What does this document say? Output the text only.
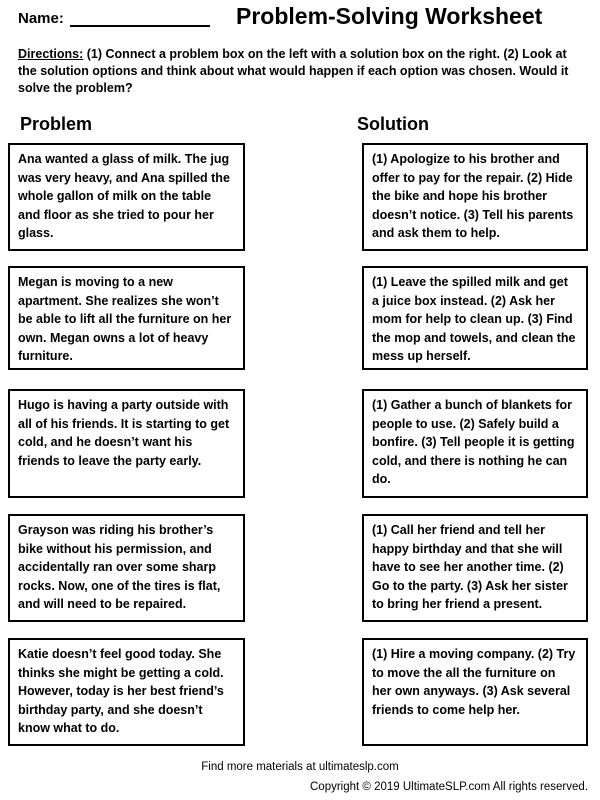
Name:	Problem-Solving Worksheet
Directions: (1) Connect a problem box on the left with a solution box on the right. (2) Look at the solution options and think about what would happen if each option was chosen. Would it solve the problem?
Problem	Solution
Ana wanted a glass of milk. The jug was very heavy, and Ana spilled the whole gallon of milk on the table and floor as she tried to pour her glass.
Megan is moving to a new apartment. She realizes she won’t be able to lift all the furniture on her own. Megan owns a lot of heavy furniture.
Hugo is having a party outside with all of his friends. It is starting to get cold, and he doesn’t want his friends to leave the party early.
Grayson was riding his brother’s bike without his permission, and accidentally ran over some sharp rocks. Now, one of the tires is flat, and will need to be repaired.
Katie doesn’t feel good today. She thinks she might be getting a cold. However, today is her best friend’s birthday party, and she doesn’t know what to do.
(1) Apologize to his brother and offer to pay for the repair. (2) Hide the bike and hope his brother doesn’t notice. (3) Tell his parents and ask them to help.
(1) Leave the spilled milk and get a juice box instead. (2) Ask her mom for help to clean up. (3) Find the mop and towels, and clean the mess up herself.
(1) Gather a bunch of blankets for people to use. (2) Safely build a bonfire. (3) Tell people it is getting cold, and there is nothing he can do.
(1) Call her friend and tell her happy birthday and that she will have to see her another time. (2) Go to the party. (3) Ask her sister to bring her friend a present.
(1) Hire a moving company. (2) Try to move the all the furniture on her own anyways. (3) Ask several friends to come help her.
Find more materials at ultimateslp.com
Copyright © 2019 UltimateSLP.com All rights reserved.
